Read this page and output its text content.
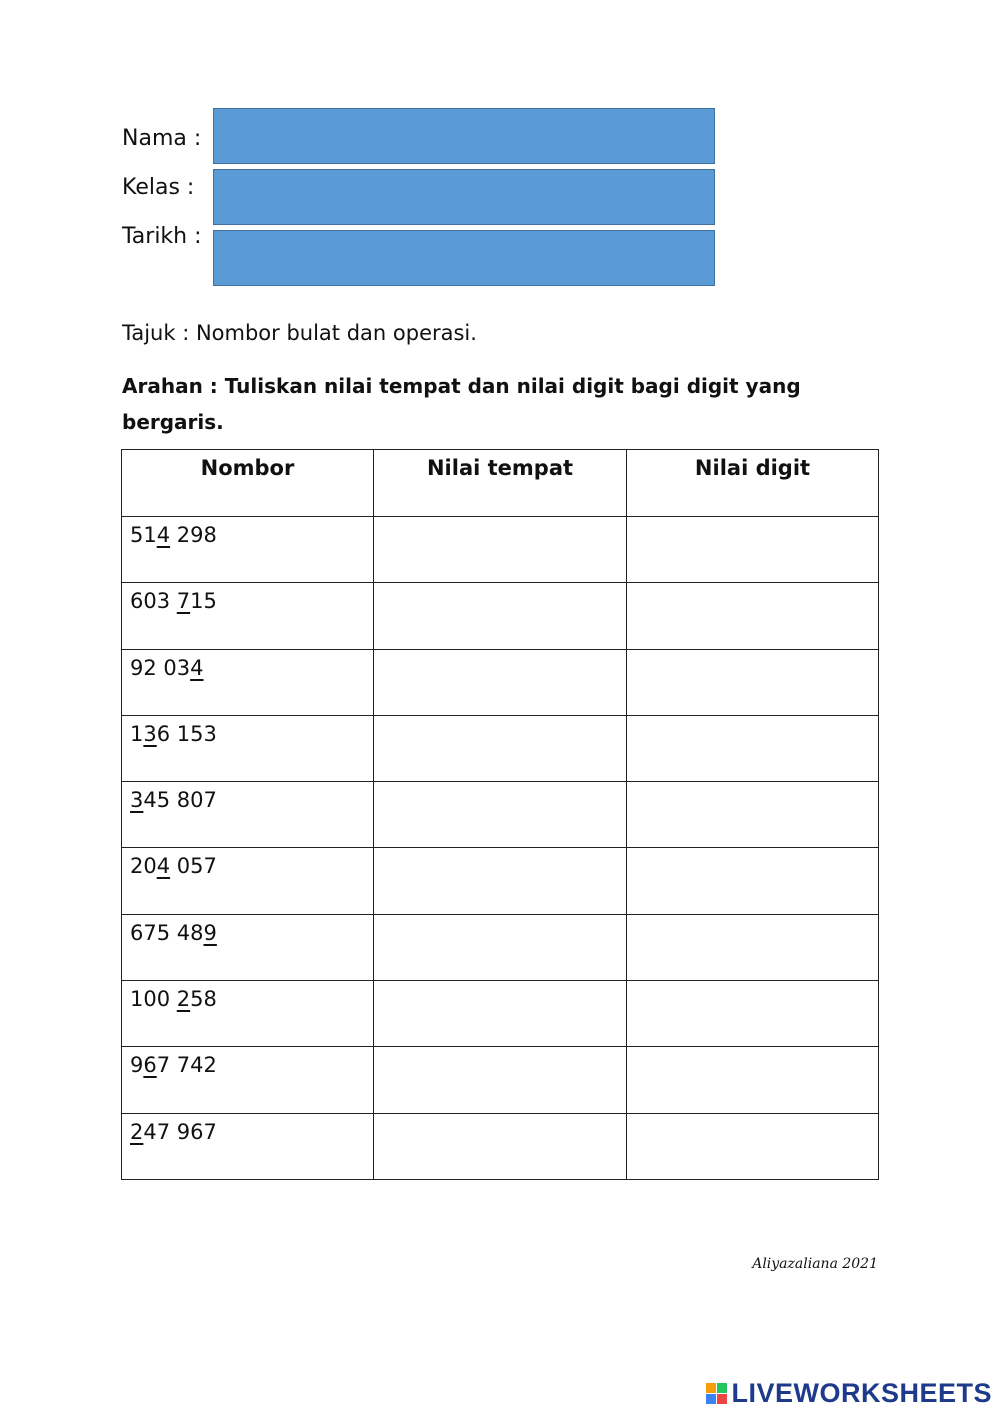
Nama :
Kelas :
Tarikh :
Tajuk : Nombor bulat dan operasi.
Arahan : Tuliskan nilai tempat dan nilai digit bagi digit yang bergaris.
Nombor	Nilai tempat	Nilai digit
514 298		
603 715		
92 034		
136 153		
345 807		
204 057		
675 489		
100 258		
967 742		
247 967		
Aliyazaliana 2021
LIVEWORKSHEETS
